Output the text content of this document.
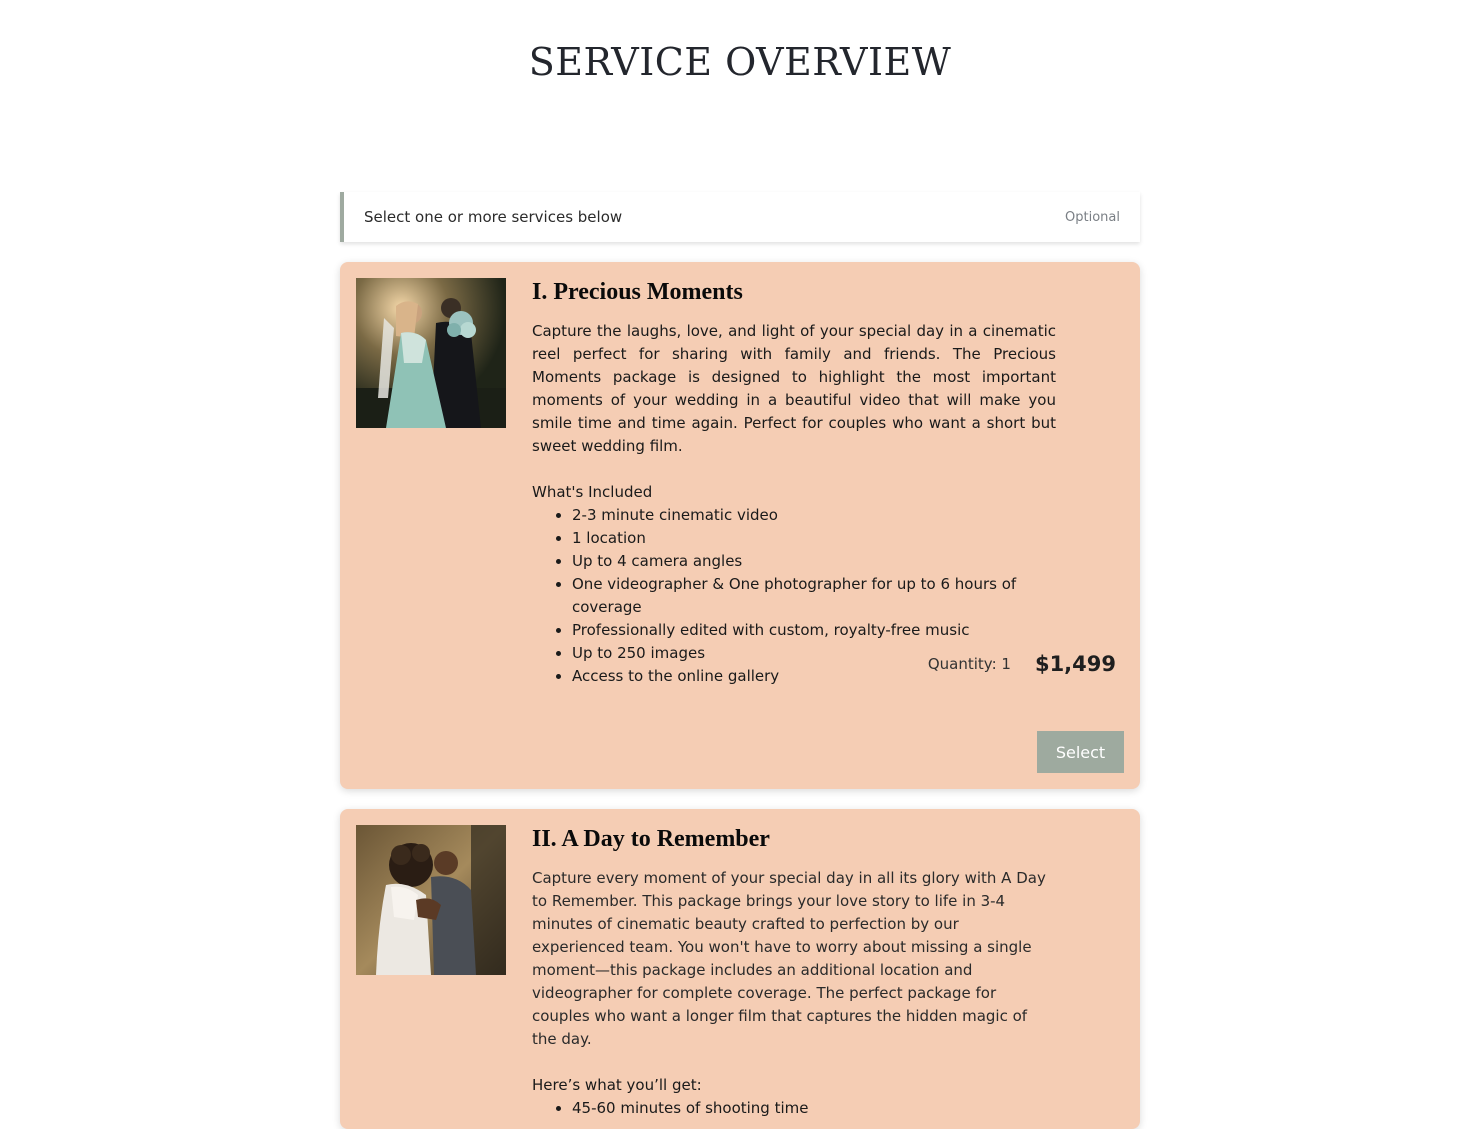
SERVICE OVERVIEW
Select one or more services below	Optional
I. Precious Moments

Capture the laughs, love, and light of your special day in a cinematic reel perfect for sharing with family and friends. The Precious Moments package is designed to highlight the most important moments of your wedding in a beautiful video that will make you smile time and time again. Perfect for couples who want a short but sweet wedding film.

What's Included

• 2-3 minute cinematic video
• 1 location
• Up to 4 camera angles
• One videographer & One photographer for up to 6 hours of coverage
• Professionally edited with custom, royalty-free music
• Up to 250 images
• Access to the online gallery
Quantity: 1 $1,499
Select
II. A Day to Remember

Capture every moment of your special day in all its glory with A Day to Remember. This package brings your love story to life in 3-4 minutes of cinematic beauty crafted to perfection by our experienced team. You won't have to worry about missing a single moment—this package includes an additional location and videographer for complete coverage. The perfect package for couples who want a longer film that captures the hidden magic of the day.

Here’s what you’ll get:

• 45-60 minutes of shooting time
